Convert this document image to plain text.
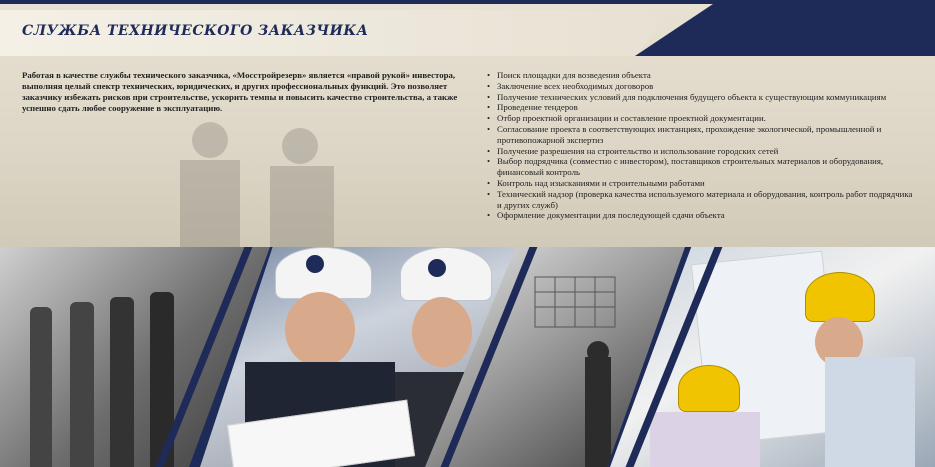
СЛУЖБА ТЕХНИЧЕСКОГО ЗАКАЗЧИКА
Работая в качестве службы технического заказчика, «Мосстройрезерв» является «правой рукой» инвестора, выполняя целый спектр технических, юридических, и других профессиональных функций. Это позволяет заказчику избежать рисков при строительстве, ускорить темпы и повысить качество строительства, а также успешно сдать любое сооружение в эксплуатацию.
• Поиск площадки для возведения объекта
• Заключение всех необходимых договоров
• Получение технических условий для подключения будущего объекта к существующим коммуникациям
• Проведение тендеров
• Отбор проектной организации и составление проектной документации.
• Согласование проекта в соответствующих инстанциях, прохождение экологической, промышленной и противопожарной экспертиз
• Получение разрешения на строительство и использование городских сетей
• Выбор подрядчика (совместно с инвестором), поставщиков строительных материалов и оборудования, финансовый контроль
• Контроль над изысканиями и строительными работами
• Технический надзор (проверка качества используемого материала и оборудования, контроль работ подрядчика и других служб)
• Оформление документации для последующей сдачи объекта
